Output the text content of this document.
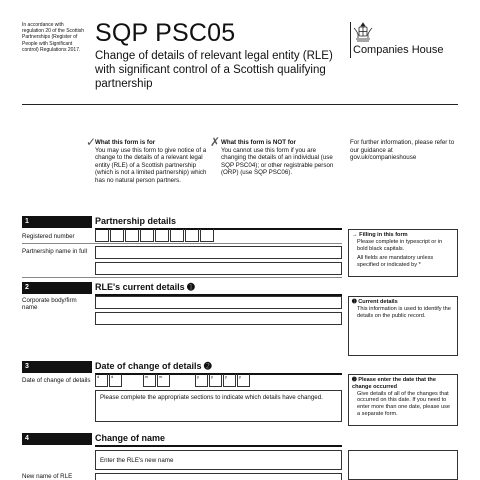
In accordance with regulation 20 of the Scottish Partnerships (Register of People with Significant control) Regulations 2017.
SQP PSC05
Change of details of relevant legal entity (RLE) with significant control of a Scottish qualifying partnership
Companies House
✓
What this form is for
You may use this form to give notice of a change to the details of a relevant legal entity (RLE) of a Scottish partnership (which is not a limited partnership) which has no natural person partners.
✗ What this form is NOT for
You cannot use this form if you are changing the details of an individual (use SQP PSC04); or other registrable person (ORP) (use SQP PSC06).
For further information, please refer to our guidance at gov.uk/companieshouse
1	Partnership details
Registered number
Partnership name in full
→ Filling in this form
Please complete in typescript or in bold black capitals.
All fields are mandatory unless specified or indicated by *
2	RLE's current details ➊
Corporate body/firm name
➊ Current details
This information is used to identify the details on the public record.
3	Date of change of details ➋
Date of change of details
d	d	m	m	y	y	y	y
Please complete the appropriate sections to indicate which details have changed.
➋ Please enter the date that the change occurred
Give details of all of the changes that occurred on this date. If you need to enter more than one date, please use a separate form.
4	Change of name
Enter the RLE's new name
New name of RLE
